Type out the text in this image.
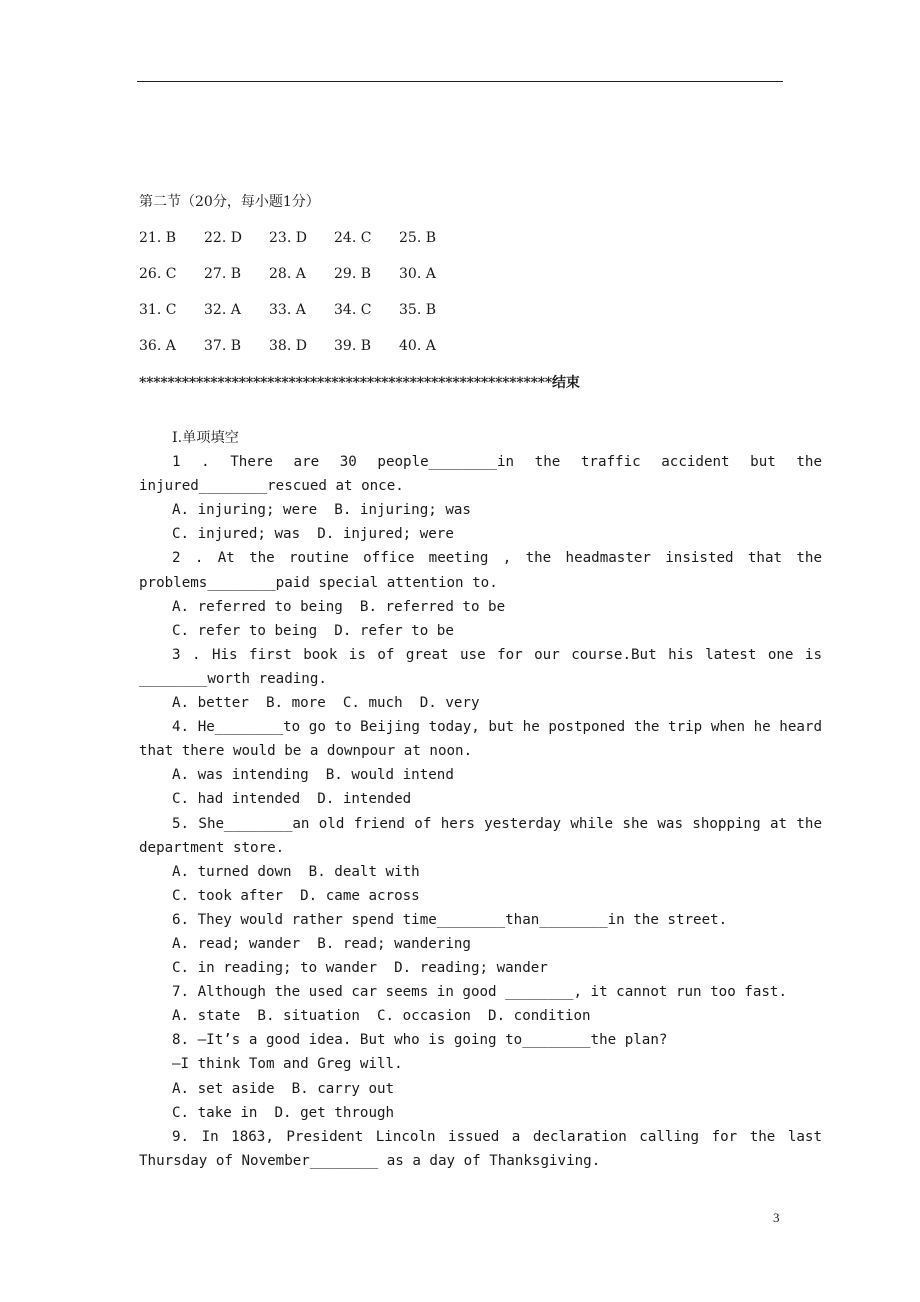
第二节（20分，每小题1分）
21. B 22. D 23. D 24. C 25. B
26. C 27. B 28. A 29. B 30. A
31. C 32. A 33. A 34. C 35. B
36. A 37. B 38. D 39. B 40. A
**********************************************************结束
Ⅰ.单项填空

1 . There are 30 people________in the traffic accident but the injured________rescued at once.

A. injuring; were  B. injuring; was

C. injured; was  D. injured; were

2 . At the routine office meeting , the headmaster insisted that the problems________paid special attention to.

A. referred to being  B. referred to be

C. refer to being  D. refer to be

3 . His first book is of great use for our course.But his latest one is ________worth reading.

A. better  B. more  C. much  D. very

4. He________to go to Beijing today, but he postponed the trip when he heard that there would be a downpour at noon.

A. was intending  B. would intend

C. had intended  D. intended

5. She________an old friend of hers yesterday while she was shopping at the department store.

A. turned down  B. dealt with

C. took after  D. came across

6. They would rather spend time________than________in the street.

A. read; wander  B. read; wandering

C. in reading; to wander  D. reading; wander

7. Although the used car seems in good ________, it cannot run too fast.

A. state  B. situation  C. occasion  D. condition

8. —It’s a good idea. But who is going to________the plan?

—I think Tom and Greg will.

A. set aside  B. carry out

C. take in  D. get through

9. In 1863, President Lincoln issued a declaration calling for the last Thursday of November________ as a day of Thanksgiving.

3
